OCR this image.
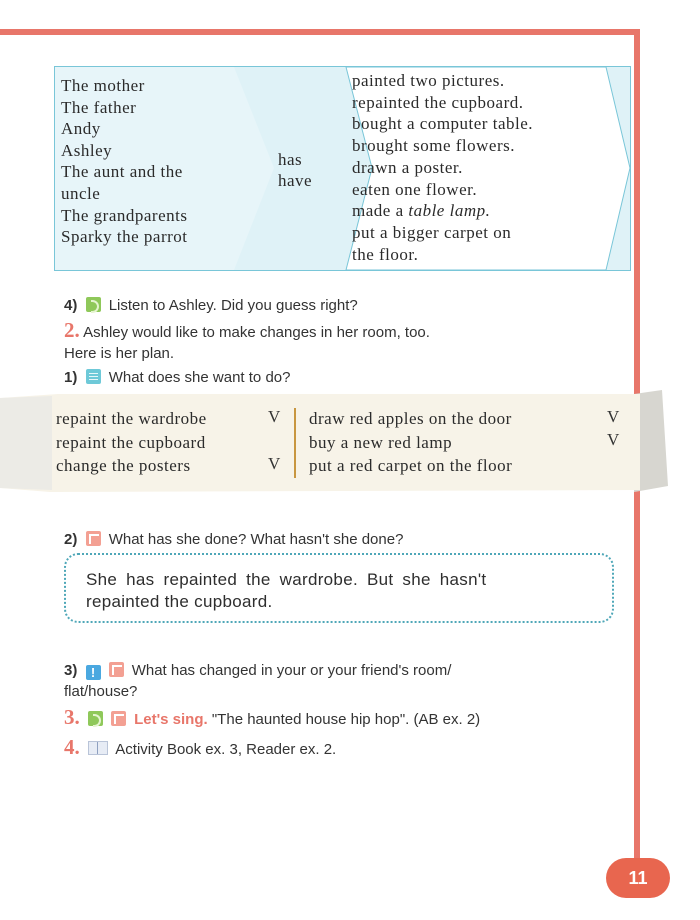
The mother
The father
Andy
Ashley
The aunt and the
uncle
The grandparents
Sparky the parrot
has
have
painted two pictures.
repainted the cupboard.
bought a computer table.
brought some flowers.
drawn a poster.
eaten one flower.
made a table lamp.
put a bigger carpet on
the floor.
4) Listen to Ashley. Did you guess right?
2. Ashley would like to make changes in her room, too.
Here is her plan.
1) What does she want to do?
repaint the wardrobe
repaint the cupboard
change the posters
V
V
draw red apples on the door
buy a new red lamp
put a red carpet on the floor
V
V
2) What has she done? What hasn't she done?
She has repainted the wardrobe. But she hasn't
repainted the cupboard.
3) ! What has changed in your or your friend's room/
flat/house?
3.	Let's sing. "The haunted house hip hop". (AB ex. 2)
4. Activity Book ex. 3, Reader ex. 2.
11
